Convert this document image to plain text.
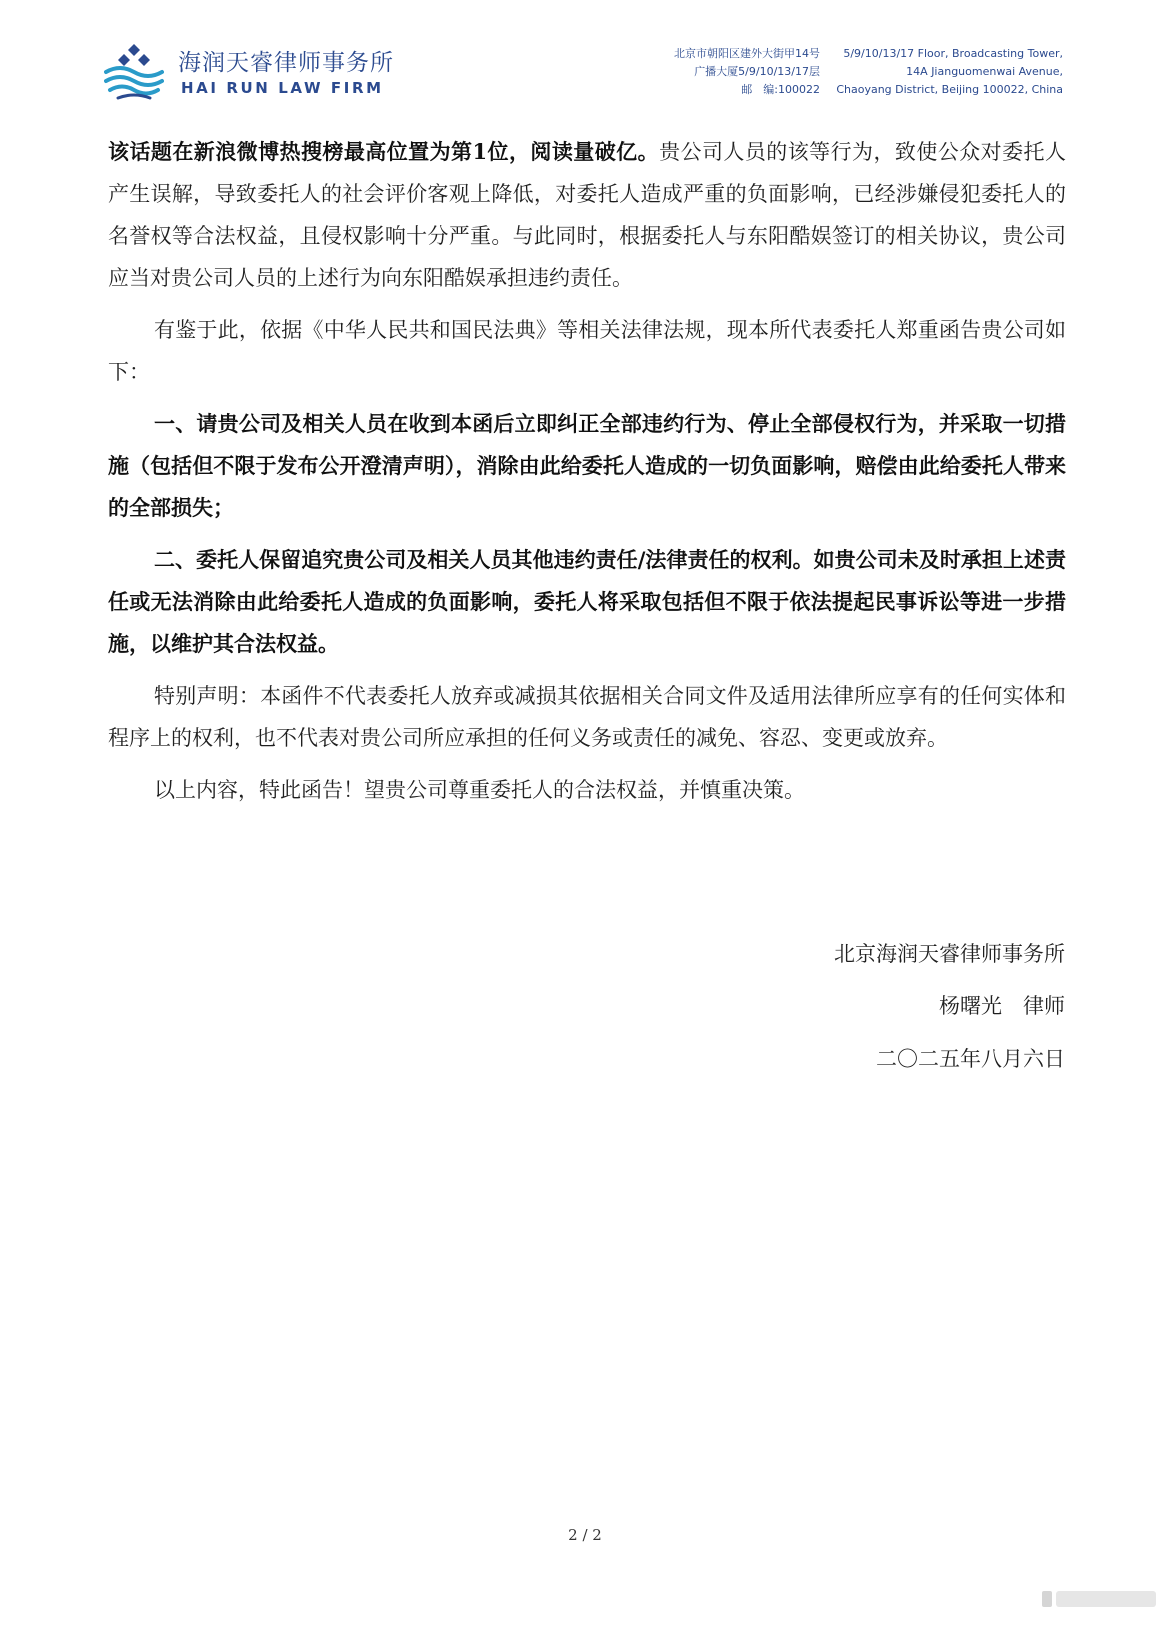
海润天睿律师事务所
HAI RUN LAW FIRM
北京市朝阳区建外大街甲14号
广播大厦5/9/10/13/17层
邮　编:100022
5/9/10/13/17 Floor, Broadcasting Tower,
14A Jianguomenwai Avenue,
Chaoyang District, Beijing 100022, China

该话题在新浪微博热搜榜最高位置为第1位，阅读量破亿。贵公司人员的该等行为，致使公众对委托人产生误解，导致委托人的社会评价客观上降低，对委托人造成严重的负面影响，已经涉嫌侵犯委托人的名誉权等合法权益，且侵权影响十分严重。与此同时，根据委托人与东阳酷娱签订的相关协议，贵公司应当对贵公司人员的上述行为向东阳酷娱承担违约责任。

有鉴于此，依据《中华人民共和国民法典》等相关法律法规，现本所代表委托人郑重函告贵公司如下：

一、请贵公司及相关人员在收到本函后立即纠正全部违约行为、停止全部侵权行为，并采取一切措施（包括但不限于发布公开澄清声明），消除由此给委托人造成的一切负面影响，赔偿由此给委托人带来的全部损失；

二、委托人保留追究贵公司及相关人员其他违约责任/法律责任的权利。如贵公司未及时承担上述责任或无法消除由此给委托人造成的负面影响，委托人将采取包括但不限于依法提起民事诉讼等进一步措施，以维护其合法权益。

特别声明：本函件不代表委托人放弃或减损其依据相关合同文件及适用法律所应享有的任何实体和程序上的权利，也不代表对贵公司所应承担的任何义务或责任的减免、容忍、变更或放弃。

以上内容，特此函告！望贵公司尊重委托人的合法权益，并慎重决策。

北京海润天睿律师事务所
杨曙光　律师
二〇二五年八月六日
2 / 2
